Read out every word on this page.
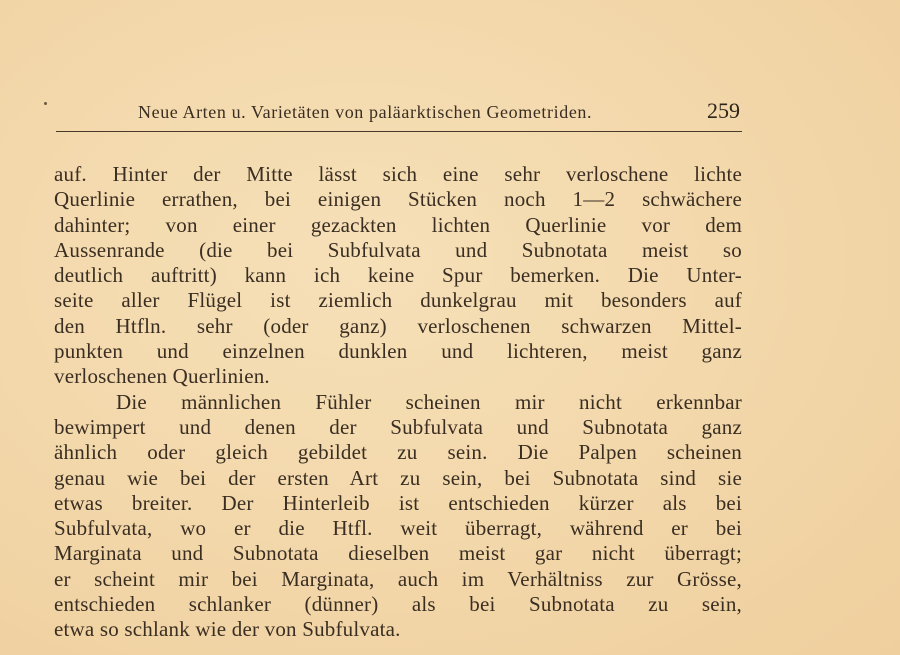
Neue Arten u. Varietäten von paläarktischen Geometriden.	259
auf. Hinter der Mitte lässt sich eine sehr verloschene lichte
Querlinie errathen, bei einigen Stücken noch 1—2 schwächere
dahinter; von einer gezackten lichten Querlinie vor dem
Aussenrande (die bei Subfulvata und Subnotata meist so
deutlich auftritt) kann ich keine Spur bemerken. Die Unter-
seite aller Flügel ist ziemlich dunkelgrau mit besonders auf
den Htfln. sehr (oder ganz) verloschenen schwarzen Mittel-
punkten und einzelnen dunklen und lichteren, meist ganz
verloschenen Querlinien.
Die männlichen Fühler scheinen mir nicht erkennbar
bewimpert und denen der Subfulvata und Subnotata ganz
ähnlich oder gleich gebildet zu sein. Die Palpen scheinen
genau wie bei der ersten Art zu sein, bei Subnotata sind sie
etwas breiter. Der Hinterleib ist entschieden kürzer als bei
Subfulvata, wo er die Htfl. weit überragt, während er bei
Marginata und Subnotata dieselben meist gar nicht überragt;
er scheint mir bei Marginata, auch im Verhältniss zur Grösse,
entschieden schlanker (dünner) als bei Subnotata zu sein,
etwa so schlank wie der von Subfulvata.
